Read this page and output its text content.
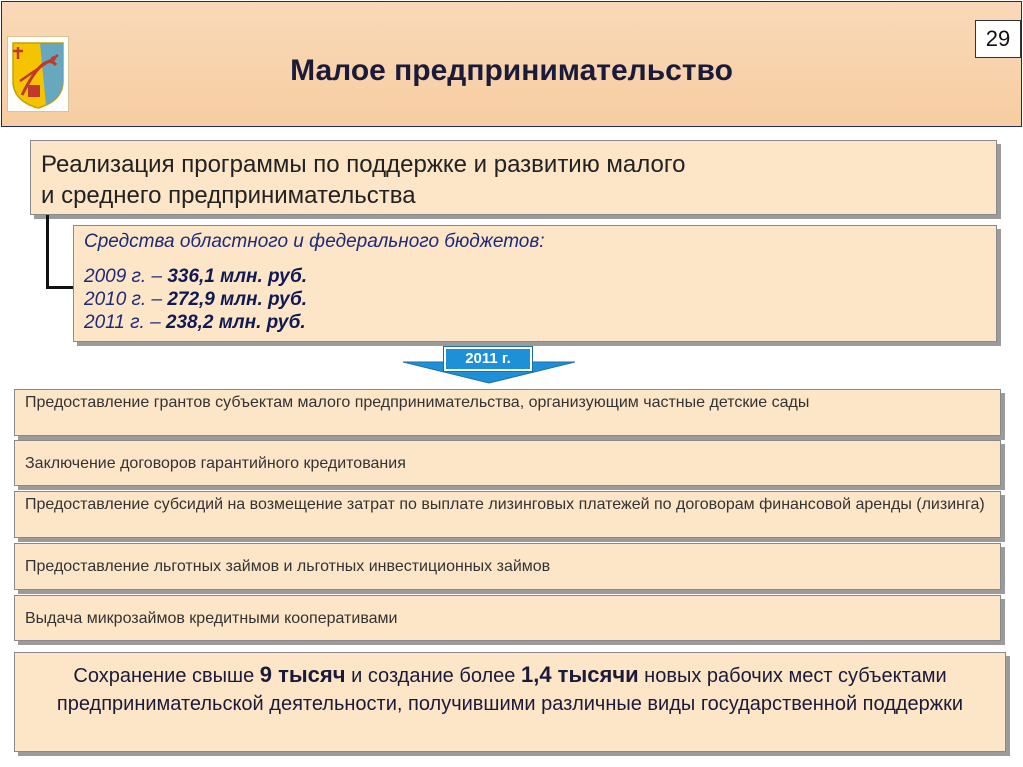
Малое предпринимательство
29
Реализация программы по поддержке и развитию малого
и среднего предпринимательства
Средства областного и федерального бюджетов:
2009 г. – 336,1 млн. руб.
2010 г. – 272,9 млн. руб.
2011 г. – 238,2 млн. руб.
2011 г.
Предоставление грантов субъектам малого предпринимательства, организующим частные детские сады
Заключение договоров гарантийного кредитования
Предоставление субсидий на возмещение затрат по выплате лизинговых платежей по договорам финансовой аренды (лизинга)
Предоставление льготных займов и льготных инвестиционных займов
Выдача микрозаймов кредитными кооперативами
Сохранение свыше 9 тысяч и создание более 1,4 тысячи новых рабочих мест субъектами предпринимательской деятельности, получившими различные виды государственной поддержки
